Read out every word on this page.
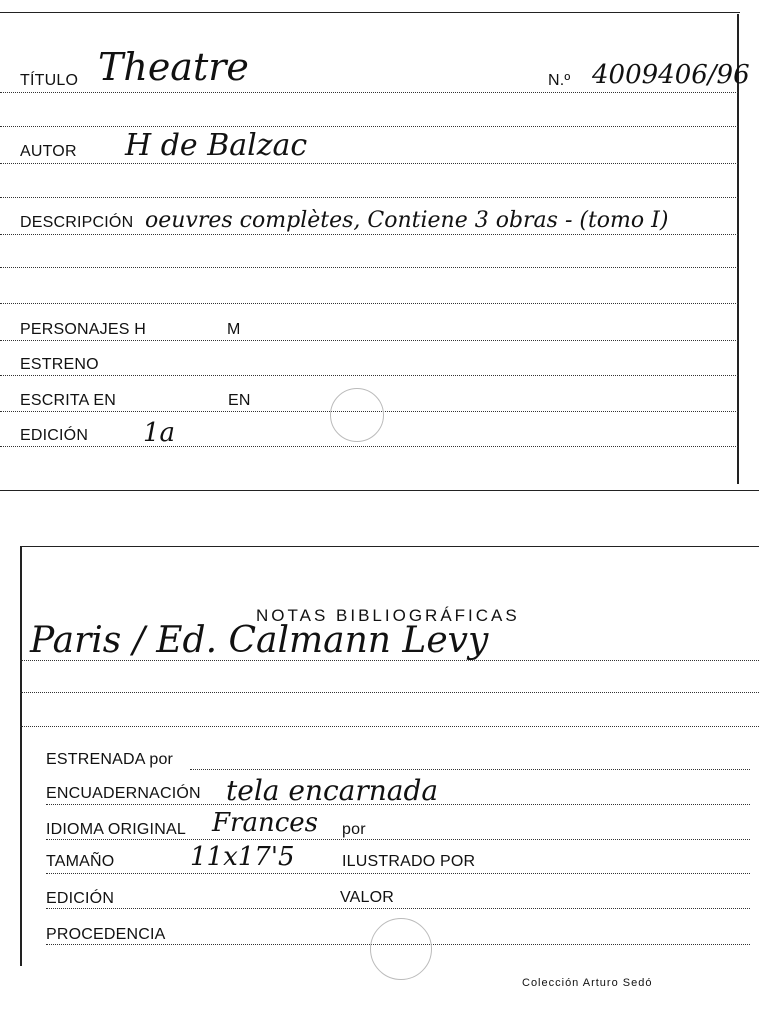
TÍTULO Theatre	N.º 4009406/96
AUTOR H de Balzac
DESCRIPCIÓN oeuvres complètes, Contiene 3 obras - (tomo I)
PERSONAJES H	M
ESTRENO
ESCRITA EN	EN
EDICIÓN 1a
NOTAS BIBLIOGRÁFICAS
Paris / Ed. Calmann Levy
ESTRENADA por
ENCUADERNACIÓN tela encarnada
IDIOMA ORIGINAL Frances por
TAMAÑO	11x17'5	ILUSTRADO POR
EDICIÓN	VALOR
PROCEDENCIA
Colección Arturo Sedó
